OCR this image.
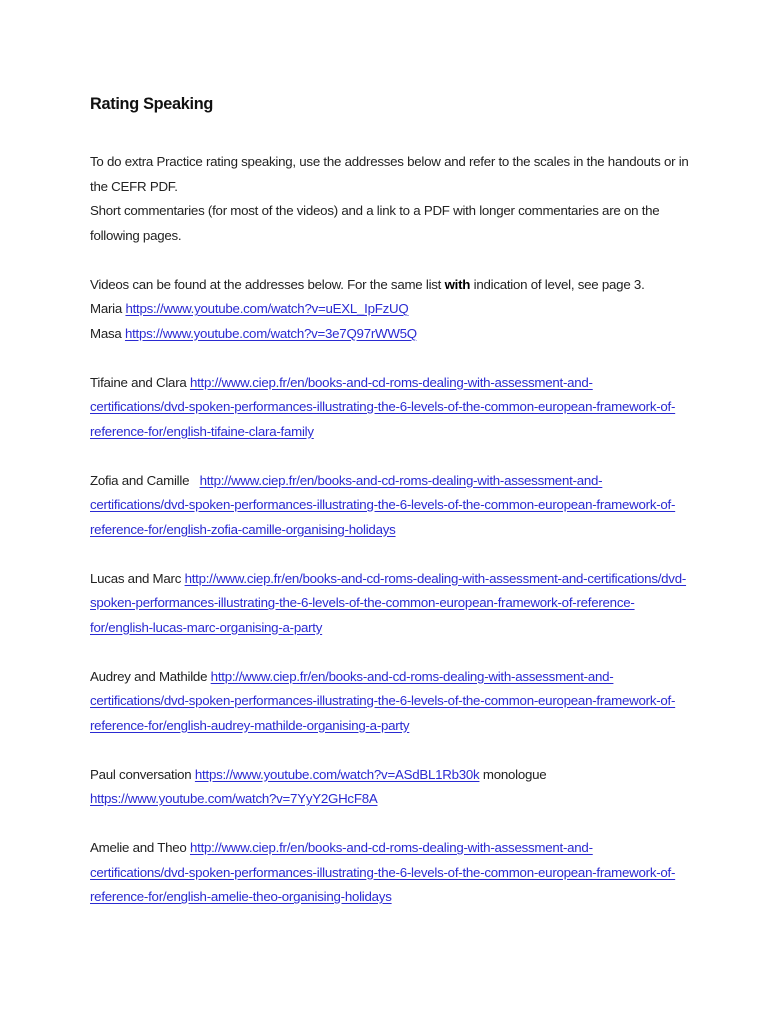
Rating Speaking

To do extra Practice rating speaking, use the addresses below and refer to the scales in the handouts or in the CEFR PDF.
Short commentaries (for most of the videos) and a link to a PDF with longer commentaries are on the following pages.

Videos can be found at the addresses below. For the same list with indication of level, see page 3.

Maria https://www.youtube.com/watch?v=uEXL_IpFzUQ

Masa https://www.youtube.com/watch?v=3e7Q97rWW5Q

Tifaine and Clara http://www.ciep.fr/en/books-and-cd-roms-dealing-with-assessment-and-certifications/dvd-spoken-performances-illustrating-the-6-levels-of-the-common-european-framework-of-reference-for/english-tifaine-clara-family

Zofia and Camille   http://www.ciep.fr/en/books-and-cd-roms-dealing-with-assessment-and-certifications/dvd-spoken-performances-illustrating-the-6-levels-of-the-common-european-framework-of-reference-for/english-zofia-camille-organising-holidays

Lucas and Marc http://www.ciep.fr/en/books-and-cd-roms-dealing-with-assessment-and-certifications/dvd-spoken-performances-illustrating-the-6-levels-of-the-common-european-framework-of-reference-for/english-lucas-marc-organising-a-party

Audrey and Mathilde http://www.ciep.fr/en/books-and-cd-roms-dealing-with-assessment-and-certifications/dvd-spoken-performances-illustrating-the-6-levels-of-the-common-european-framework-of-reference-for/english-audrey-mathilde-organising-a-party

Paul conversation https://www.youtube.com/watch?v=ASdBL1Rb30k monologue https://www.youtube.com/watch?v=7YyY2GHcF8A

Amelie and Theo http://www.ciep.fr/en/books-and-cd-roms-dealing-with-assessment-and-certifications/dvd-spoken-performances-illustrating-the-6-levels-of-the-common-european-framework-of-reference-for/english-amelie-theo-organising-holidays
